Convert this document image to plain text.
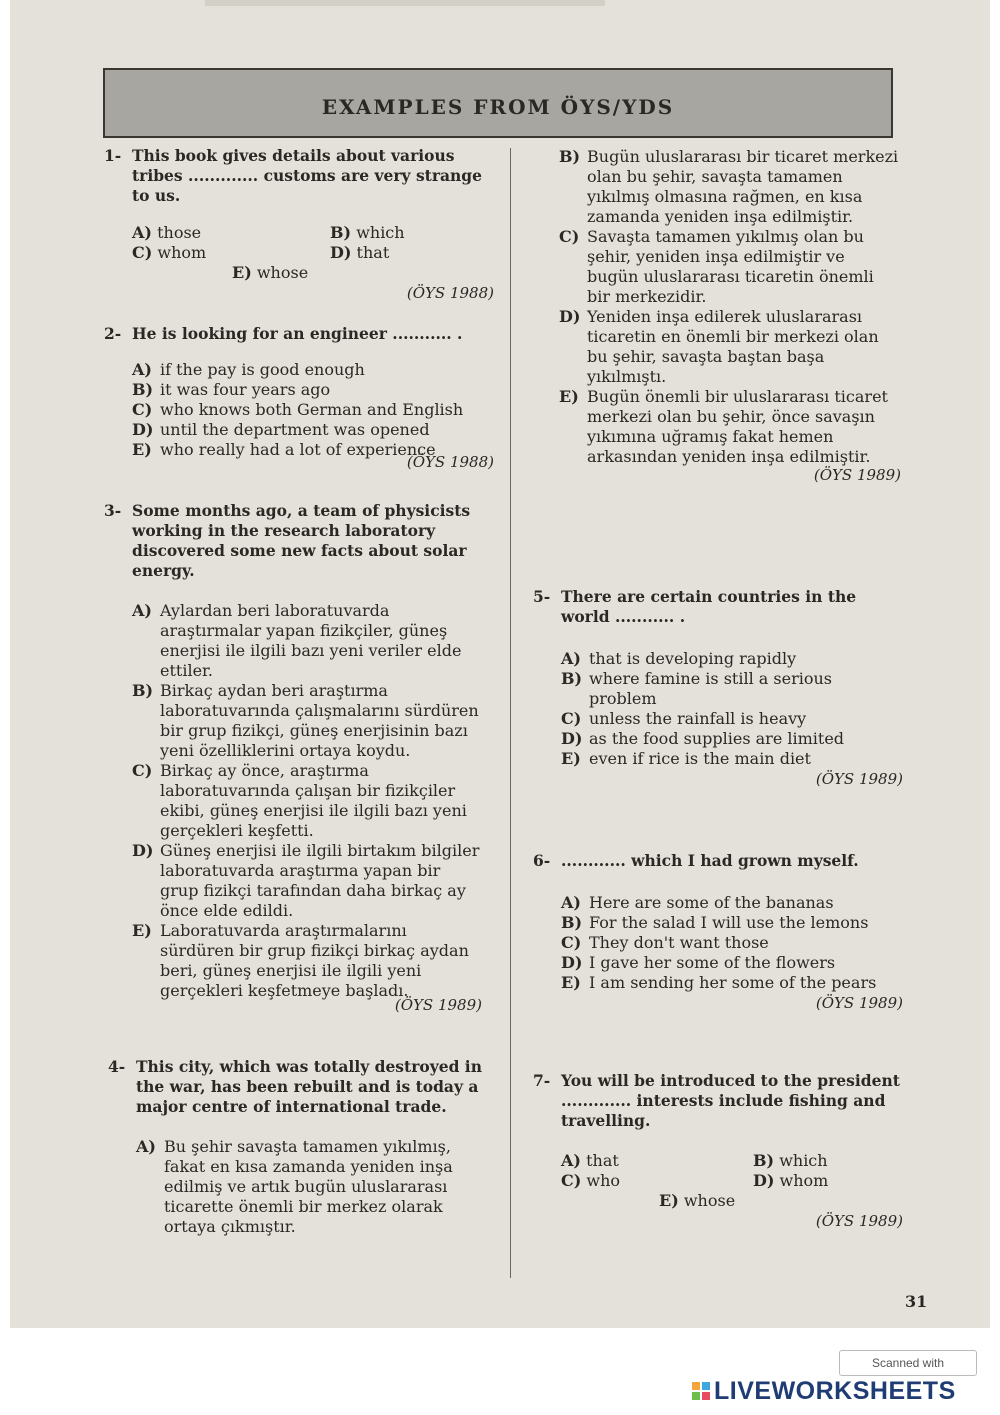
EXAMPLES FROM ÖYS/YDS
1- This book gives details about various tribes ............. customs are very strange to us.
A) those	B) which
C) whom	D) that
E) whose
(ÖYS 1988)
2- He is looking for an engineer ........... .
A) if the pay is good enough
B) it was four years ago
C) who knows both German and English
D) until the department was opened
E) who really had a lot of experience
(ÖYS 1988)
3- Some months ago, a team of physicists working in the research laboratory discovered some new facts about solar energy.
A) Aylardan beri laboratuvarda araştırmalar yapan fizikçiler, güneş enerjisi ile ilgili bazı yeni veriler elde ettiler.
B) Birkaç aydan beri araştırma laboratuvarında çalışmalarını sürdüren bir grup fizikçi, güneş enerjisinin bazı yeni özelliklerini ortaya koydu.
C) Birkaç ay önce, araştırma laboratuvarında çalışan bir fizikçiler ekibi, güneş enerjisi ile ilgili bazı yeni gerçekleri keşfetti.
D) Güneş enerjisi ile ilgili birtakım bilgiler laboratuvarda araştırma yapan bir grup fizikçi tarafından daha birkaç ay önce elde edildi.
E) Laboratuvarda araştırmalarını sürdüren bir grup fizikçi birkaç aydan beri, güneş enerjisi ile ilgili yeni gerçekleri keşfetmeye başladı.
(ÖYS 1989)
4- This city, which was totally destroyed in the war, has been rebuilt and is today a major centre of international trade.
A) Bu şehir savaşta tamamen yıkılmış, fakat en kısa zamanda yeniden inşa edilmiş ve artık bugün uluslararası ticarette önemli bir merkez olarak ortaya çıkmıştır.
B) Bugün uluslararası bir ticaret merkezi olan bu şehir, savaşta tamamen yıkılmış olmasına rağmen, en kısa zamanda yeniden inşa edilmiştir.
C) Savaşta tamamen yıkılmış olan bu şehir, yeniden inşa edilmiştir ve bugün uluslararası ticaretin önemli bir merkezidir.
D) Yeniden inşa edilerek uluslararası ticaretin en önemli bir merkezi olan bu şehir, savaşta baştan başa yıkılmıştı.
E) Bugün önemli bir uluslararası ticaret merkezi olan bu şehir, önce savaşın yıkımına uğramış fakat hemen arkasından yeniden inşa edilmiştir.
(ÖYS 1989)
5- There are certain countries in the world ........... .
A) that is developing rapidly
B) where famine is still a serious problem
C) unless the rainfall is heavy
D) as the food supplies are limited
E) even if rice is the main diet
(ÖYS 1989)
6- ............ which I had grown myself.
A) Here are some of the bananas
B) For the salad I will use the lemons
C) They don't want those
D) I gave her some of the flowers
E) I am sending her some of the pears
(ÖYS 1989)
7- You will be introduced to the president ............. interests include fishing and travelling.
A) that	B) which
C) who	D) whom
E) whose
(ÖYS 1989)
31
Scanned with
LIVEWORKSHEETS
